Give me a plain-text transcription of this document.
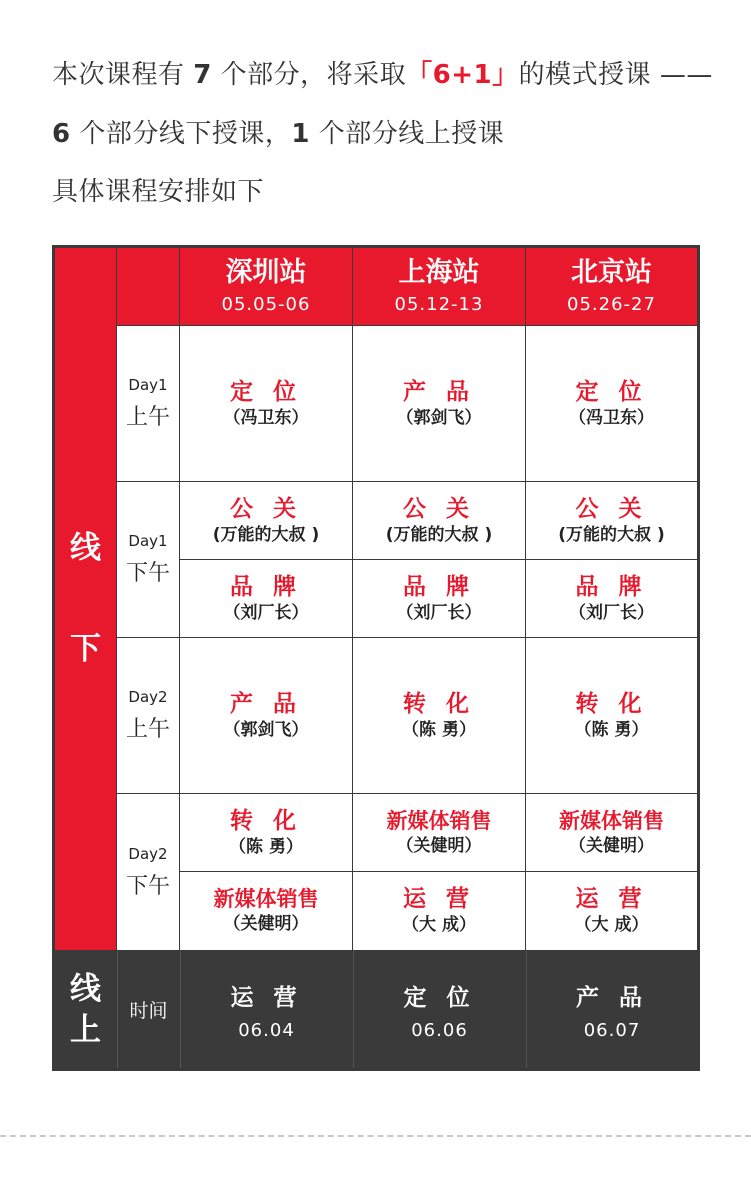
本次课程有 7 个部分，将采取「6+1」的模式授课 ——
6 个部分线下授课，1 个部分线上授课
具体课程安排如下
线
下
深圳站
05.05-06
上海站
05.12-13
北京站
05.26-27
Day1
上午
Day1
下午
Day2
上午
Day2
下午
定 位
（冯卫东）
产 品
（郭剑飞）
定 位
（冯卫东）
公 关
(万能的大叔 )
公 关
(万能的大叔 )
公 关
(万能的大叔 )
品 牌
（刘厂长）
品 牌
（刘厂长）
品 牌
（刘厂长）
产 品
（郭剑飞）
转 化
（陈 勇）
转 化
（陈 勇）
转 化
（陈 勇）
新媒体销售
（关健明）
新媒体销售
（关健明）
新媒体销售
（关健明）
运 营
（大 成）
运 营
（大 成）
线
上
时间
运 营
06.04
定 位
06.06
产 品
06.07
